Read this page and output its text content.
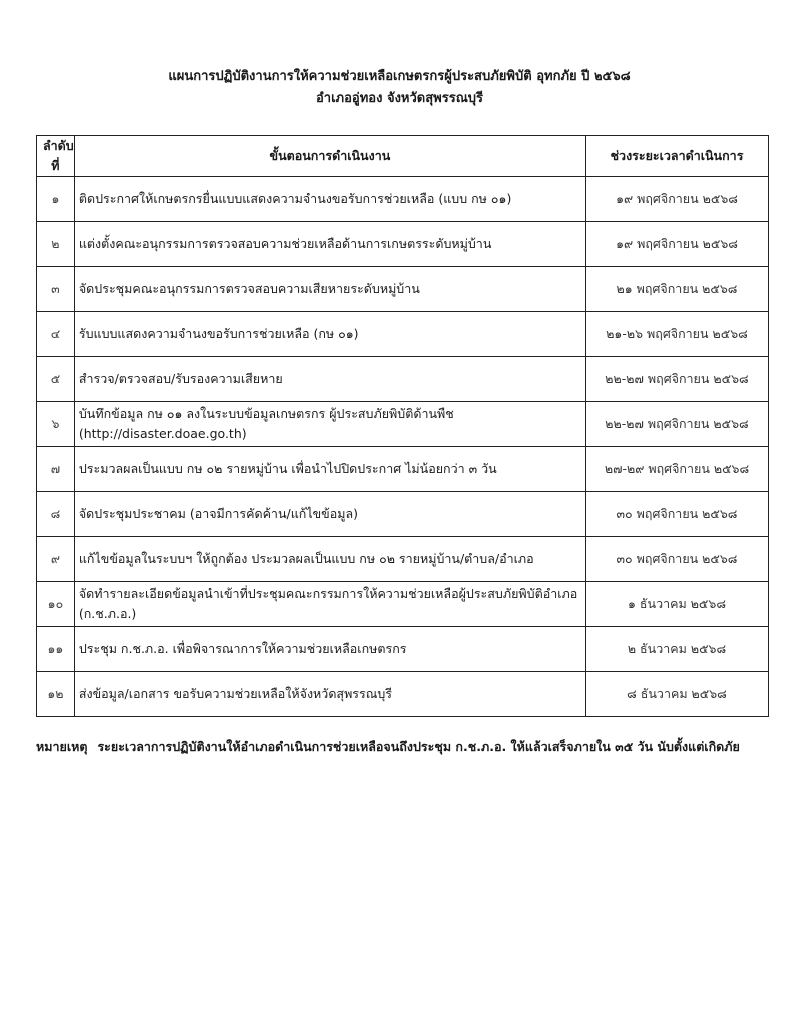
แผนการปฏิบัติงานการให้ความช่วยเหลือเกษตรกรผู้ประสบภัยพิบัติ อุทกภัย ปี ๒๕๖๘
อำเภออู่ทอง จังหวัดสุพรรณบุรี
ลำดับที่	ขั้นตอนการดำเนินงาน	ช่วงระยะเวลาดำเนินการ
๑	ติดประกาศให้เกษตรกรยื่นแบบแสดงความจำนงขอรับการช่วยเหลือ (แบบ กษ ๐๑)	๑๙ พฤศจิกายน ๒๕๖๘
๒	แต่งตั้งคณะอนุกรรมการตรวจสอบความช่วยเหลือด้านการเกษตรระดับหมู่บ้าน	๑๙ พฤศจิกายน ๒๕๖๘
๓	จัดประชุมคณะอนุกรรมการตรวจสอบความเสียหายระดับหมู่บ้าน	๒๑ พฤศจิกายน ๒๕๖๘
๔	รับแบบแสดงความจำนงขอรับการช่วยเหลือ (กษ ๐๑)	๒๑-๒๖ พฤศจิกายน ๒๕๖๘
๕	สำรวจ/ตรวจสอบ/รับรองความเสียหาย	๒๒-๒๗ พฤศจิกายน ๒๕๖๘
๖	บันทึกข้อมูล กษ ๐๑ ลงในระบบข้อมูลเกษตรกร ผู้ประสบภัยพิบัติด้านพืช (http://disaster.doae.go.th)	๒๒-๒๗ พฤศจิกายน ๒๕๖๘
๗	ประมวลผลเป็นแบบ กษ ๐๒ รายหมู่บ้าน เพื่อนำไปปิดประกาศ ไม่น้อยกว่า ๓ วัน	๒๗-๒๙ พฤศจิกายน ๒๕๖๘
๘	จัดประชุมประชาคม (อาจมีการคัดค้าน/แก้ไขข้อมูล)	๓๐ พฤศจิกายน ๒๕๖๘
๙	แก้ไขข้อมูลในระบบฯ ให้ถูกต้อง ประมวลผลเป็นแบบ กษ ๐๒ รายหมู่บ้าน/ตำบล/อำเภอ	๓๐ พฤศจิกายน ๒๕๖๘
๑๐	จัดทำรายละเอียดข้อมูลนำเข้าที่ประชุมคณะกรรมการให้ความช่วยเหลือผู้ประสบภัยพิบัติอำเภอ (ก.ช.ภ.อ.)	๑ ธันวาคม ๒๕๖๘
๑๑	ประชุม ก.ช.ภ.อ. เพื่อพิจารณาการให้ความช่วยเหลือเกษตรกร	๒ ธันวาคม ๒๕๖๘
๑๒	ส่งข้อมูล/เอกสาร ขอรับความช่วยเหลือให้จังหวัดสุพรรณบุรี	๘ ธันวาคม ๒๕๖๘
หมายเหตุ ระยะเวลาการปฏิบัติงานให้อำเภอดำเนินการช่วยเหลือจนถึงประชุม ก.ช.ภ.อ. ให้แล้วเสร็จภายใน ๓๕ วัน นับตั้งแต่เกิดภัย
